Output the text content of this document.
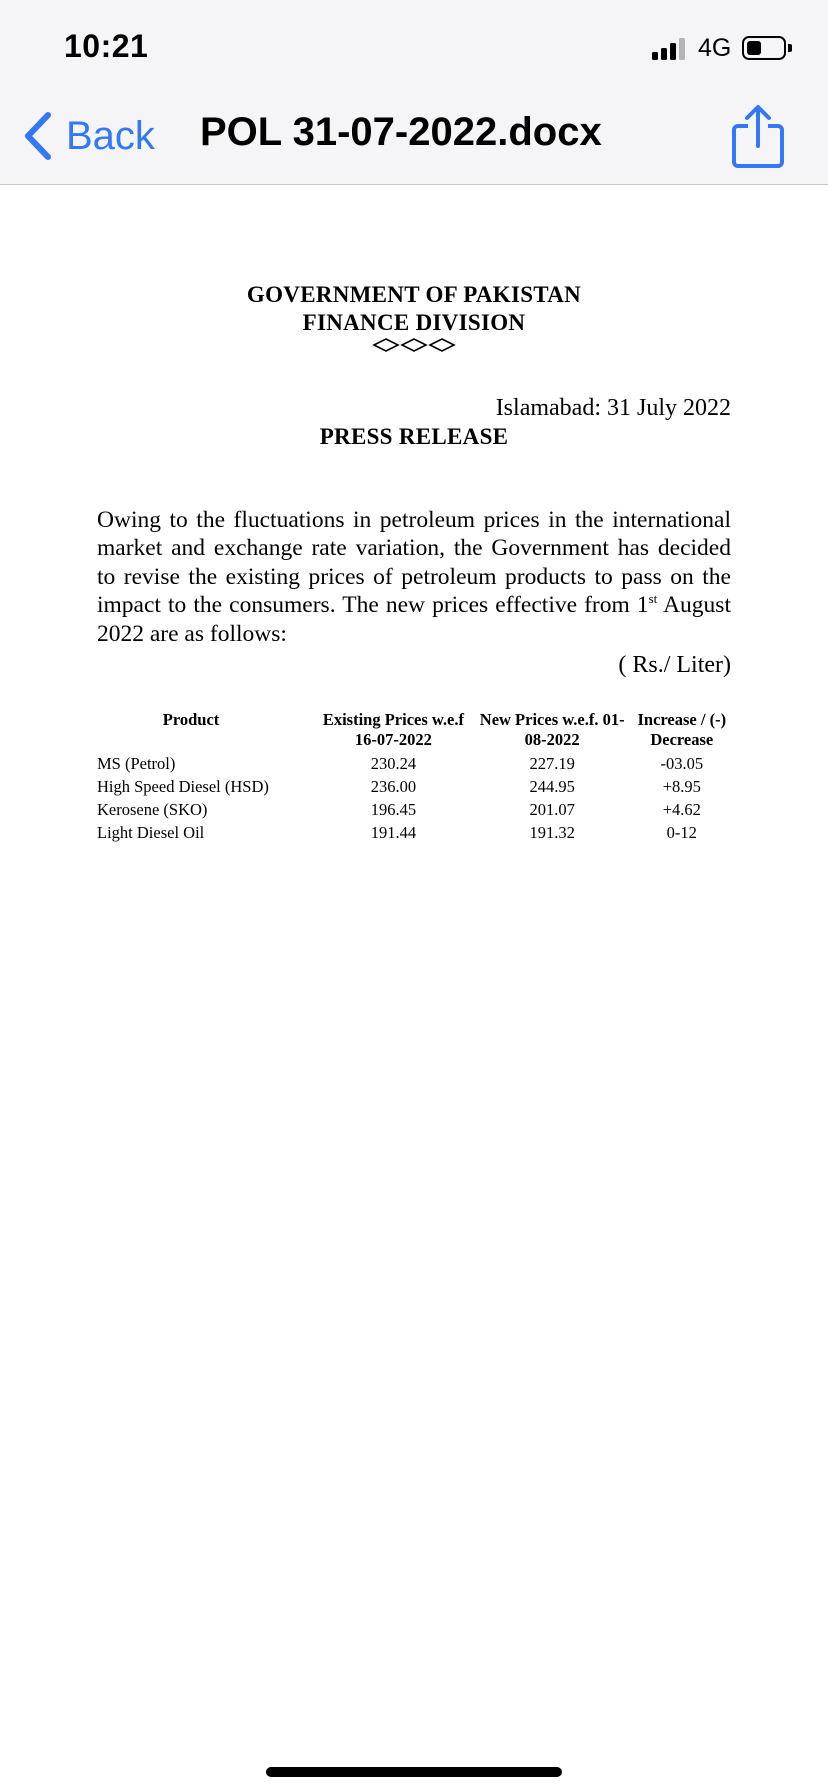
10:21	4G
Back POL 31-07-2022.docx
GOVERNMENT OF PAKISTAN
FINANCE DIVISION
Islamabad: 31 July 2022
PRESS RELEASE

Owing to the fluctuations in petroleum prices in the international market and exchange rate variation, the Government has decided to revise the existing prices of petroleum products to pass on the impact to the consumers. The new prices effective from 1st August 2022 are as follows:

( Rs./ Liter)
Product	Existing Prices w.e.f	New Prices w.e.f. 01-	Increase / (-)
	16-07-2022	08-2022	Decrease
MS (Petrol)	230.24	227.19	-03.05
High Speed Diesel (HSD)	236.00	244.95	+8.95
Kerosene (SKO)	196.45	201.07	+4.62
Light Diesel Oil	191.44	191.32	0-12
